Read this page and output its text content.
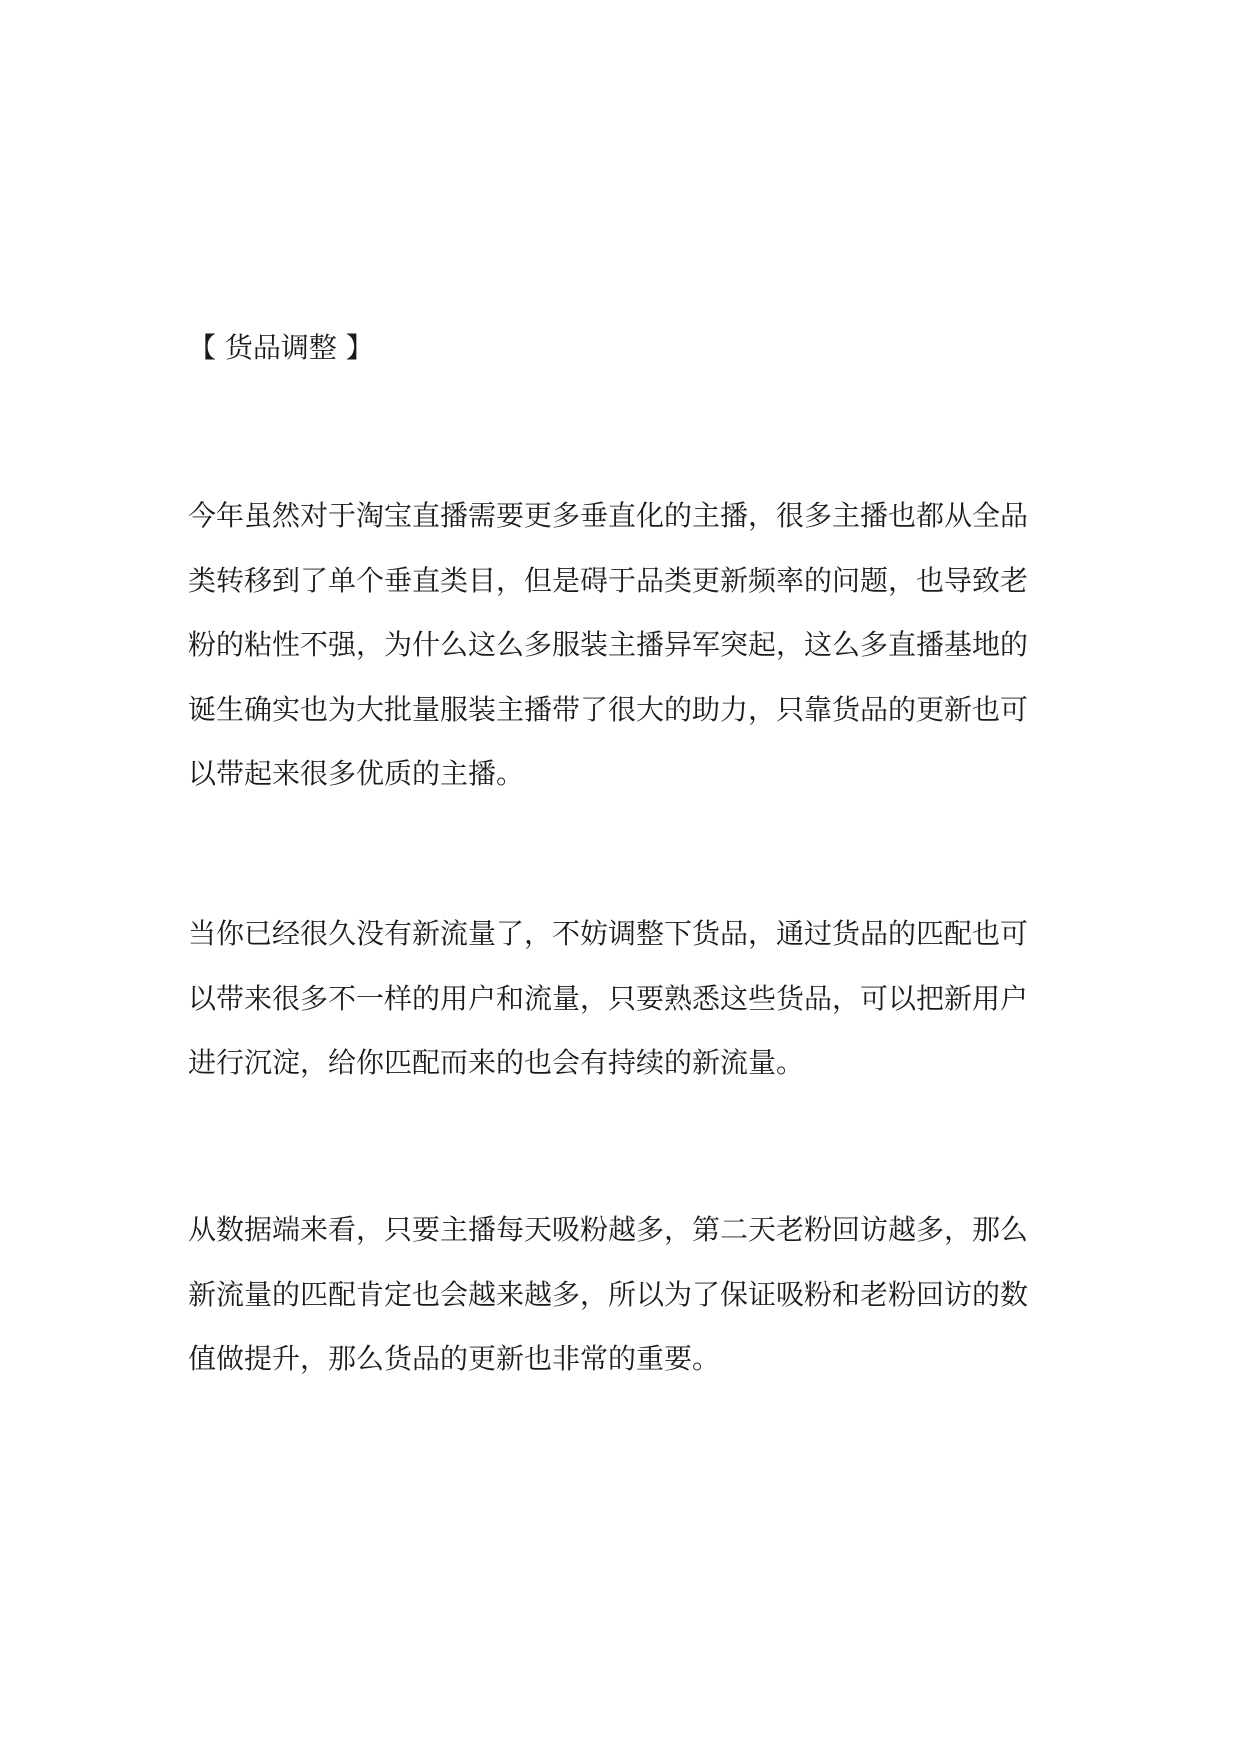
【 货品调整 】

今年虽然对于淘宝直播需要更多垂直化的主播，很多主播也都从全品
类转移到了单个垂直类目，但是碍于品类更新频率的问题，也导致老
粉的粘性不强，为什么这么多服装主播异军突起，这么多直播基地的
诞生确实也为大批量服装主播带了很大的助力，只靠货品的更新也可
以带起来很多优质的主播。

当你已经很久没有新流量了，不妨调整下货品，通过货品的匹配也可
以带来很多不一样的用户和流量，只要熟悉这些货品，可以把新用户
进行沉淀，给你匹配而来的也会有持续的新流量。

从数据端来看，只要主播每天吸粉越多，第二天老粉回访越多，那么
新流量的匹配肯定也会越来越多，所以为了保证吸粉和老粉回访的数
值做提升，那么货品的更新也非常的重要。
